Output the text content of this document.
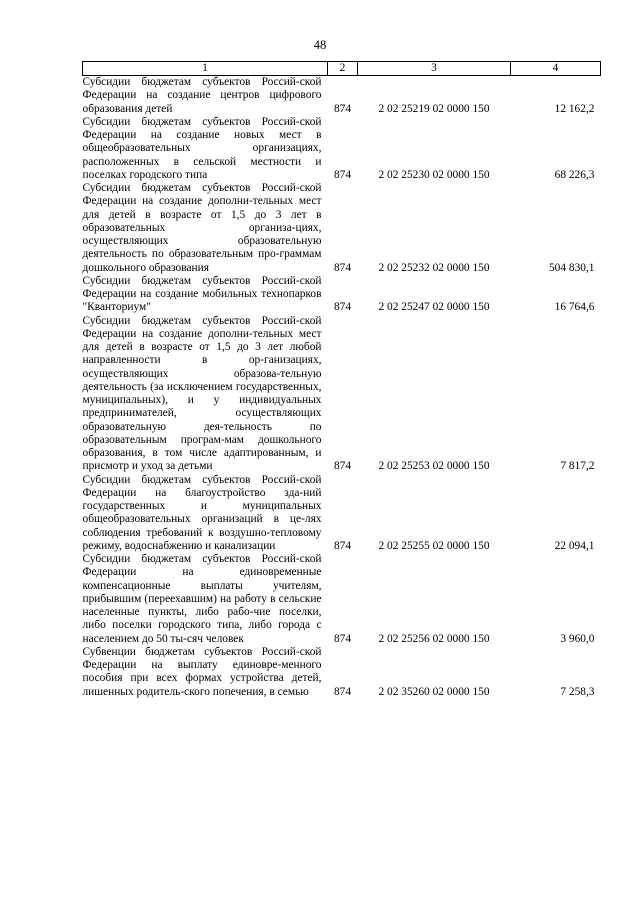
48
1	2	3	4
Субсидии бюджетам субъектов Россий-ской Федерации на создание центров цифрового образования детей	874	2 02 25219 02 0000 150	12 162,2
Субсидии бюджетам субъектов Россий-ской Федерации на создание новых мест в общеобразовательных организациях, расположенных в сельской местности и поселках городского типа	874	2 02 25230 02 0000 150	68 226,3
Субсидии бюджетам субъектов Россий-ской Федерации на создание дополни-тельных мест для детей в возрасте от 1,5 до 3 лет в образовательных организа-циях, осуществляющих образовательную деятельность по образовательным про-граммам дошкольного образования	874	2 02 25232 02 0000 150	504 830,1
Субсидии бюджетам субъектов Россий-ской Федерации на создание мобильных технопарков "Кванториум"	874	2 02 25247 02 0000 150	16 764,6
Субсидии бюджетам субъектов Россий-ской Федерации на создание дополни-тельных мест для детей в возрасте от 1,5 до 3 лет любой направленности в ор-ганизациях, осуществляющих образова-тельную деятельность (за исключением государственных, муниципальных), и у индивидуальных предпринимателей, осуществляющих образовательную дея-тельность по образовательным програм-мам дошкольного образования, в том числе адаптированным, и присмотр и уход за детьми	874	2 02 25253 02 0000 150	7 817,2
Субсидии бюджетам субъектов Россий-ской Федерации на благоустройство зда-ний государственных и муниципальных общеобразовательных организаций в це-лях соблюдения требований к воздушно-тепловому режиму, водоснабжению и канализации	874	2 02 25255 02 0000 150	22 094,1
Субсидии бюджетам субъектов Россий-ской Федерации на единовременные компенсационные выплаты учителям, прибывшим (переехавшим) на работу в сельские населенные пункты, либо рабо-чие поселки, либо поселки городского типа, либо города с населением до 50 ты-сяч человек	874	2 02 25256 02 0000 150	3 960,0
Субвенции бюджетам субъектов Россий-ской Федерации на выплату единовре-менного пособия при всех формах устройства детей, лишенных родитель-ского попечения, в семью	874	2 02 35260 02 0000 150	7 258,3
